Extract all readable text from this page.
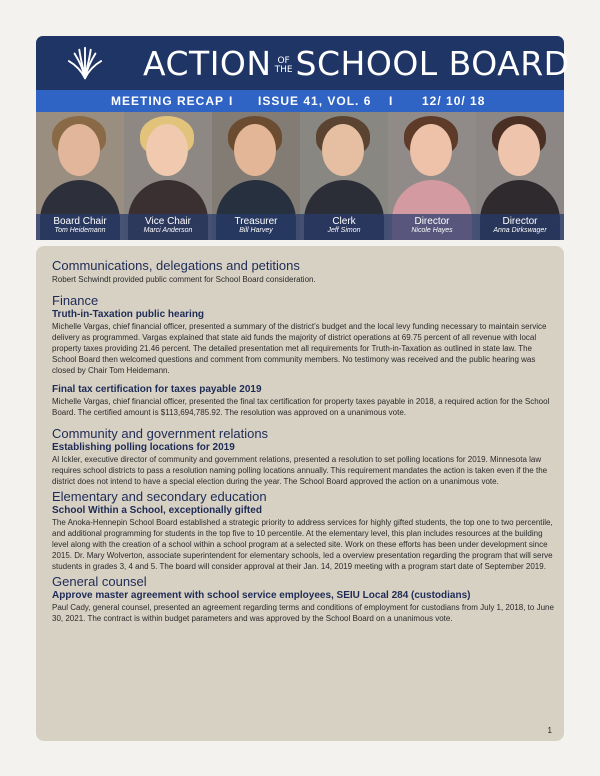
ACTION OF
THESCHOOL BOARD
MEETING RECAP I ISSUE 41, VOL. 6 I 12/ 10/ 18
Board Chair
Tom Heidemann
Vice Chair
Marci Anderson
Treasurer
Bill Harvey
Clerk
Jeff Simon
Director
Nicole Hayes
Director
Anna Dirkswager
Communications, delegations and petitions

Robert Schwindt provided public comment for School Board consideration.

Finance
Truth-in-Taxation public hearing

Michelle Vargas, chief financial officer, presented a summary of the district’s budget and the local levy funding necessary to maintain service delivery as programmed. Vargas explained that state aid funds the majority of district operations at 69.75 percent of all revenue with local property taxes providing 21.46 percent. The detailed presentation met all requirements for Truth-in-Taxation as outlined in state law. The School Board then welcomed questions and comment from community members. No testimony was received and the public hearing was closed by Chair Tom Heidemann.

Final tax certification for taxes payable 2019

Michelle Vargas, chief financial officer, presented the final tax certification for property taxes payable in 2018, a required action for the School Board. The certified amount is $113,694,785.92. The resolution was approved on a unanimous vote.

Community and government relations
Establishing polling locations for 2019

Al Ickler, executive director of community and government relations, presented a resolution to set polling locations for 2019. Minnesota law requires school districts to pass a resolution naming polling locations annually. This requirement mandates the action is taken even if the the district does not intend to have a special election during the year. The School Board approved the action on a unanimous vote.

Elementary and secondary education
School Within a School, exceptionally gifted

The Anoka-Hennepin School Board established a strategic priority to address services for highly gifted students, the top one to two percentile, and additional programming for students in the top five to 10 percentile. At the elementary level, this plan includes resources at the building level along with the creation of a school within a school program at a selected site. Work on these efforts has been under development since 2015. Dr. Mary Wolverton, associate superintendent for elementary schools, led a overview presentation regarding the program that will serve students in grades 3, 4 and 5. The board will consider approval at their Jan. 14, 2019 meeting with a program start date of September 2019.

General counsel
Approve master agreement with school service employees, SEIU Local 284 (custodians)

Paul Cady, general counsel, presented an agreement regarding terms and conditions of employment for custodians from July 1, 2018, to June 30, 2021. The contract is within budget parameters and was approved by the School Board on a unanimous vote.

1
